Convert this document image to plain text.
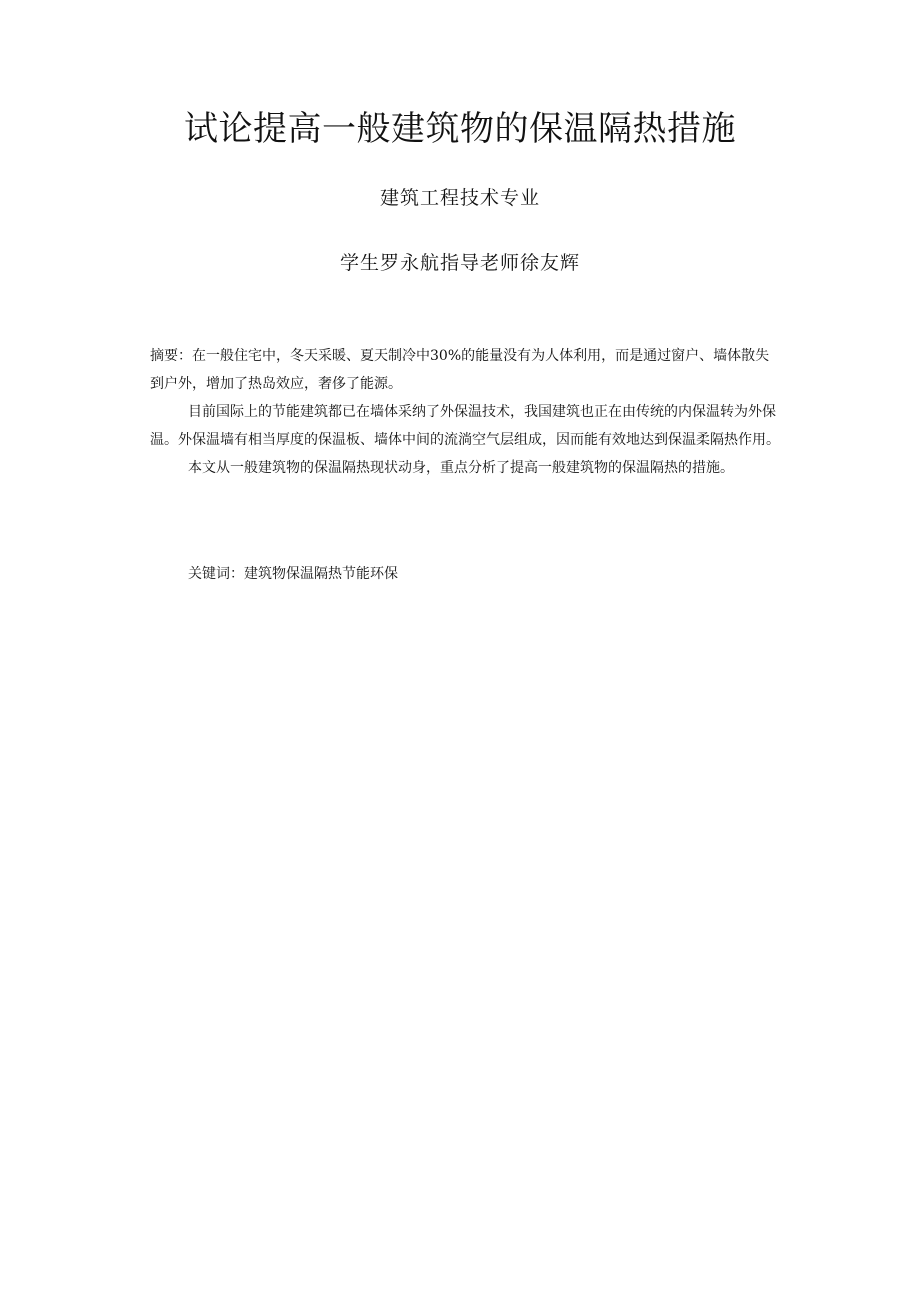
试论提高一般建筑物的保温隔热措施
建筑工程技术专业
学生罗永航指导老师徐友辉

摘要：在一般住宅中，冬天采暖、夏天制冷中30%的能量没有为人体利用，而是通过窗户、墙体散失到户外，增加了热岛效应，奢侈了能源。

目前国际上的节能建筑都已在墙体采纳了外保温技术，我国建筑也正在由传统的内保温转为外保温。外保温墙有相当厚度的保温板、墙体中间的流淌空气层组成，因而能有效地达到保温柔隔热作用。

本文从一般建筑物的保温隔热现状动身，重点分析了提高一般建筑物的保温隔热的措施。

关键词：建筑物保温隔热节能环保
